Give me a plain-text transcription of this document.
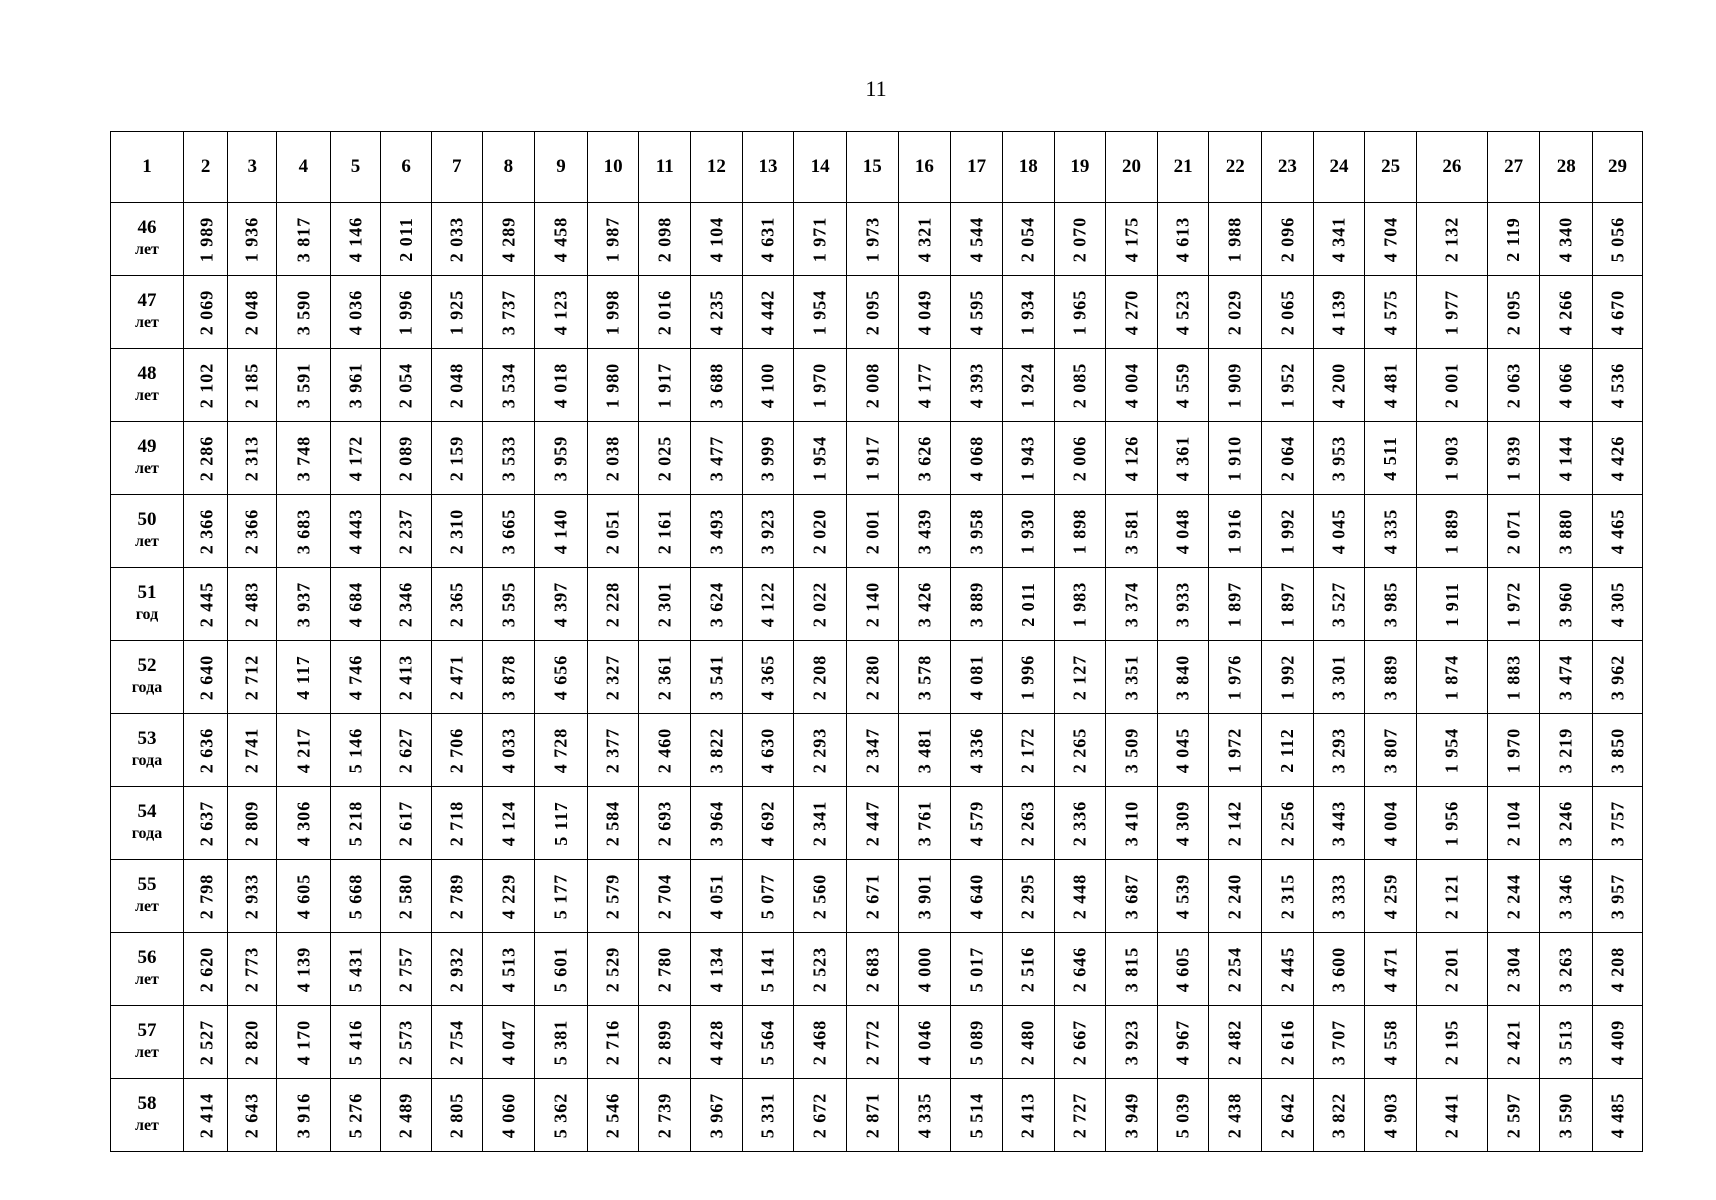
11
1	2	3	4	5	6	7	8	9	10	11	12	13	14	15	16	17	18	19	20	21	22	23	24	25	26	27	28	29

46
лет	1 989	1 936	3 817	4 146	2 011	2 033	4 289	4 458	1 987	2 098	4 104	4 631	1 971	1 973	4 321	4 544	2 054	2 070	4 175	4 613	1 988	2 096	4 341	4 704	2 132	2 119	4 340	5 056

47
лет	2 069	2 048	3 590	4 036	1 996	1 925	3 737	4 123	1 998	2 016	4 235	4 442	1 954	2 095	4 049	4 595	1 934	1 965	4 270	4 523	2 029	2 065	4 139	4 575	1 977	2 095	4 266	4 670

48
лет	2 102	2 185	3 591	3 961	2 054	2 048	3 534	4 018	1 980	1 917	3 688	4 100	1 970	2 008	4 177	4 393	1 924	2 085	4 004	4 559	1 909	1 952	4 200	4 481	2 001	2 063	4 066	4 536

49
лет	2 286	2 313	3 748	4 172	2 089	2 159	3 533	3 959	2 038	2 025	3 477	3 999	1 954	1 917	3 626	4 068	1 943	2 006	4 126	4 361	1 910	2 064	3 953	4 511	1 903	1 939	4 144	4 426

50
лет	2 366	2 366	3 683	4 443	2 237	2 310	3 665	4 140	2 051	2 161	3 493	3 923	2 020	2 001	3 439	3 958	1 930	1 898	3 581	4 048	1 916	1 992	4 045	4 335	1 889	2 071	3 880	4 465

51
год	2 445	2 483	3 937	4 684	2 346	2 365	3 595	4 397	2 228	2 301	3 624	4 122	2 022	2 140	3 426	3 889	2 011	1 983	3 374	3 933	1 897	1 897	3 527	3 985	1 911	1 972	3 960	4 305

52
года	2 640	2 712	4 117	4 746	2 413	2 471	3 878	4 656	2 327	2 361	3 541	4 365	2 208	2 280	3 578	4 081	1 996	2 127	3 351	3 840	1 976	1 992	3 301	3 889	1 874	1 883	3 474	3 962

53
года	2 636	2 741	4 217	5 146	2 627	2 706	4 033	4 728	2 377	2 460	3 822	4 630	2 293	2 347	3 481	4 336	2 172	2 265	3 509	4 045	1 972	2 112	3 293	3 807	1 954	1 970	3 219	3 850

54
года	2 637	2 809	4 306	5 218	2 617	2 718	4 124	5 117	2 584	2 693	3 964	4 692	2 341	2 447	3 761	4 579	2 263	2 336	3 410	4 309	2 142	2 256	3 443	4 004	1 956	2 104	3 246	3 757

55
лет	2 798	2 933	4 605	5 668	2 580	2 789	4 229	5 177	2 579	2 704	4 051	5 077	2 560	2 671	3 901	4 640	2 295	2 448	3 687	4 539	2 240	2 315	3 333	4 259	2 121	2 244	3 346	3 957

56
лет	2 620	2 773	4 139	5 431	2 757	2 932	4 513	5 601	2 529	2 780	4 134	5 141	2 523	2 683	4 000	5 017	2 516	2 646	3 815	4 605	2 254	2 445	3 600	4 471	2 201	2 304	3 263	4 208

57
лет	2 527	2 820	4 170	5 416	2 573	2 754	4 047	5 381	2 716	2 899	4 428	5 564	2 468	2 772	4 046	5 089	2 480	2 667	3 923	4 967	2 482	2 616	3 707	4 558	2 195	2 421	3 513	4 409

58
лет	2 414	2 643	3 916	5 276	2 489	2 805	4 060	5 362	2 546	2 739	3 967	5 331	2 672	2 871	4 335	5 514	2 413	2 727	3 949	5 039	2 438	2 642	3 822	4 903	2 441	2 597	3 590	4 485
